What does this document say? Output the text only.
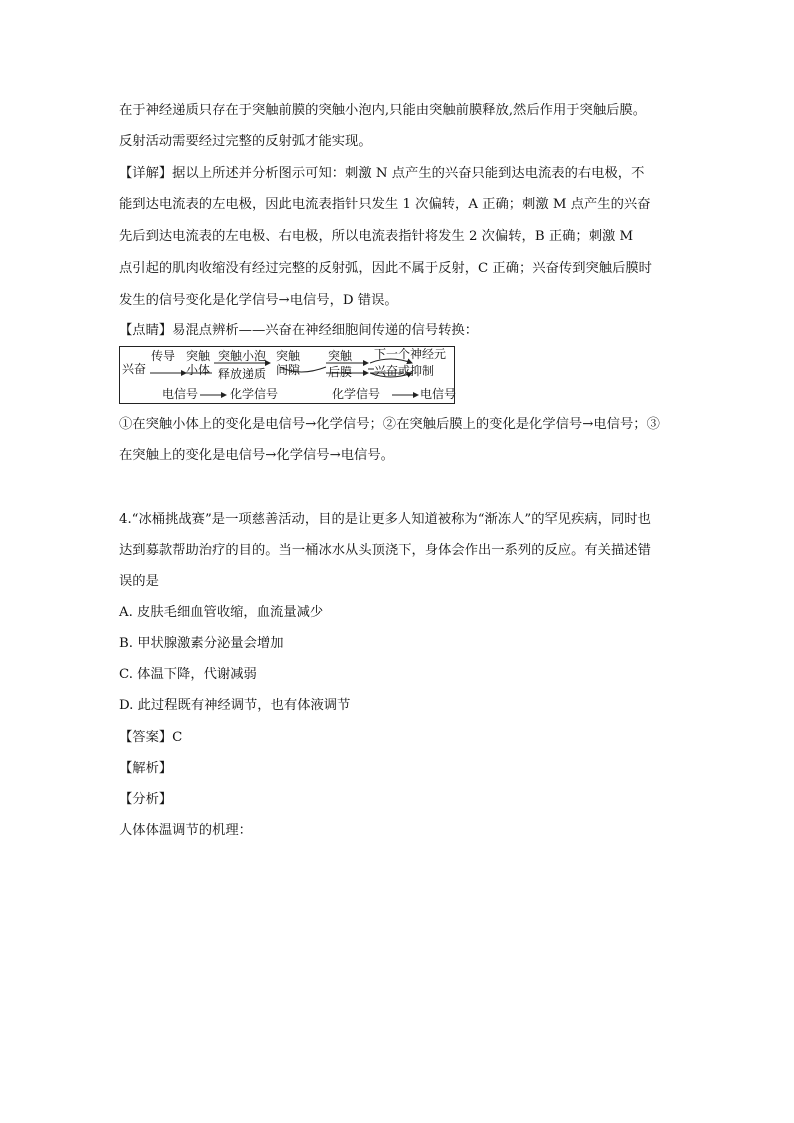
在于神经递质只存在于突触前膜的突触小泡内,只能由突触前膜释放,然后作用于突触后膜。
反射活动需要经过完整的反射弧才能实现。
【详解】据以上所述并分析图示可知：刺激 N 点产生的兴奋只能到达电流表的右电极，不
能到达电流表的左电极，因此电流表指针只发生 1 次偏转，A 正确；刺激 M 点产生的兴奋
先后到达电流表的左电极、右电极，所以电流表指针将发生 2 次偏转，B 正确；刺激 M
点引起的肌肉收缩没有经过完整的反射弧，因此不属于反射，C 正确；兴奋传到突触后膜时
发生的信号变化是化学信号→电信号，D 错误。
【点睛】易混点辨析——兴奋在神经细胞间传递的信号转换：
兴奋
传导 突触
小体
突触小泡
释放递质
突触
间隙
突触
后膜
下一个神经元
兴奋或抑制
电信号	化学信号	化学信号	电信号
①在突触小体上的变化是电信号→化学信号；②在突触后膜上的变化是化学信号→电信号；③
在突触上的变化是电信号→化学信号→电信号。
4.“冰桶挑战赛”是一项慈善活动，目的是让更多人知道被称为“渐冻人”的罕见疾病，同时也
达到募款帮助治疗的目的。当一桶冰水从头顶浇下，身体会作出一系列的反应。有关描述错
误的是
A. 皮肤毛细血管收缩，血流量减少
B. 甲状腺激素分泌量会增加
C. 体温下降，代谢减弱
D. 此过程既有神经调节，也有体液调节
【答案】C
【解析】
【分析】
人体体温调节的机理：
